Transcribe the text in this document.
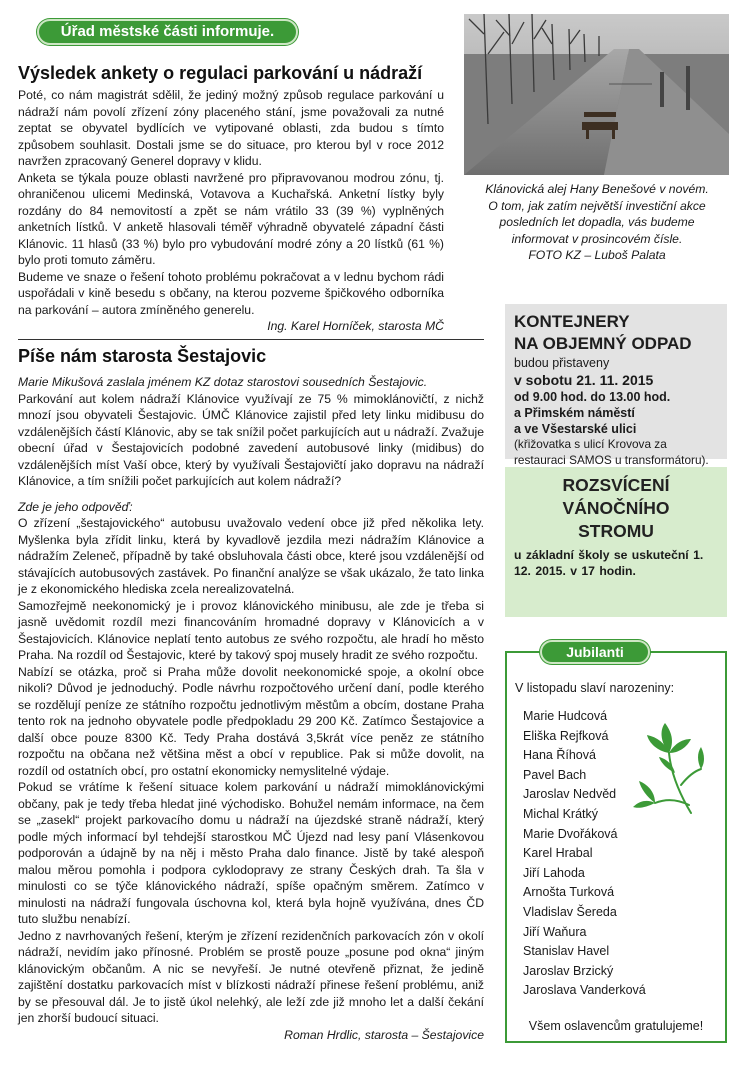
Úřad městské části informuje.
Výsledek ankety o regulaci parkování u nádraží

Poté, co nám magistrát sdělil, že jediný možný způsob regulace parkování u nádraží nám povolí zřízení zóny placeného stání, jsme považovali za nutné zeptat se obyvatel bydlících ve vytipované oblasti, zda budou s tímto způsobem souhlasit. Dostali jsme se do situace, pro kterou byl v roce 2012 navržen zpracovaný Generel dopravy v klidu.

Anketa se týkala pouze oblasti navržené pro připravovanou modrou zónu, tj. ohraničenou ulicemi Medinská, Votavova a Kuchařská. Anketní lístky byly rozdány do 84 nemovitostí a zpět se nám vrátilo 33 (39 %) vyplněných anketních lístků. V anketě hlasovali téměř výhradně obyvatelé západní části Klánovic. 11 hlasů (33 %) bylo pro vybudování modré zóny a 20 lístků (61 %) bylo proti tomuto záměru.

Budeme ve snaze o řešení tohoto problému pokračovat a v lednu bychom rádi uspořádali v kině besedu s občany, na kterou pozveme špičkového odborníka na parkování – autora zmíněného generelu.

Ing. Karel Horníček, starosta MČ

Píše nám starosta Šestajovic

Marie Mikušová zaslala jménem KZ dotaz starostovi sousedních Šestajovic.

Parkování aut kolem nádraží Klánovice využívají ze 75 % mimoklánovičtí, z nichž mnozí jsou obyvateli Šestajovic. ÚMČ Klánovice zajistil před lety linku midibusu do vzdálenějších částí Klánovic, aby se tak snížil počet parkujících aut u nádraží. Zvažuje obecní úřad v Šestajovicích podobné zavedení autobusové linky (midibus) do vzdálenějších míst Vaší obce, který by využívali Šestajovičtí jako dopravu na nádraží Klánovice, a tím snížili počet parkujících aut kolem nádraží?

Zde je jeho odpověď:

O zřízení „šestajovického“ autobusu uvažovalo vedení obce již před několika lety. Myšlenka byla zřídit linku, která by kyvadlově jezdila mezi nádražím Klánovice a nádražím Zeleneč, případně by také obsluhovala části obce, které jsou vzdálenější od stávajících autobusových zastávek. Po finanční analýze se však ukázalo, že tato linka je z ekonomického hlediska zcela nerealizovatelná.

Samozřejmě neekonomický je i provoz klánovického minibusu, ale zde je třeba si jasně uvědomit rozdíl mezi financováním hromadné dopravy v Klánovicích a v Šestajovicích. Klánovice neplatí tento autobus ze svého rozpočtu, ale hradí ho město Praha. Na rozdíl od Šestajovic, které by takový spoj musely hradit ze svého rozpočtu.

Nabízí se otázka, proč si Praha může dovolit neekonomické spoje, a okolní obce nikoli? Důvod je jednoduchý. Podle návrhu rozpočtového určení daní, podle kterého se rozdělují peníze ze státního rozpočtu jednotlivým městům a obcím, dostane Praha tento rok na jednoho obyvatele podle předpokladu 29 200 Kč. Zatímco Šestajovice a další obce pouze 8300 Kč. Tedy Praha dostává 3,5krát více peněz ze státního rozpočtu na občana než většina měst a obcí v republice. Pak si může dovolit, na rozdíl od ostatních obcí, pro ostatní ekonomicky nemyslitelné výdaje.

Pokud se vrátíme k řešení situace kolem parkování u nádraží mimoklánovickými občany, pak je tedy třeba hledat jiné východisko. Bohužel nemám informace, na čem se „zasekl“ projekt parkovacího domu u nádraží na újezdské straně nádraží, který podle mých informací byl tehdejší starostkou MČ Újezd nad lesy paní Vlásenkovou podporován a údajně by na něj i město Praha dalo finance. Jistě by také alespoň malou měrou pomohla i podpora cyklodopravy ze strany Českých drah. Ta šla v minulosti co se týče klánovického nádraží, spíše opačným směrem. Zatímco v minulosti na nádraží fungovala úschovna kol, která byla hojně využívána, dnes ČD tuto službu nenabízí.

Jedno z navrhovaných řešení, kterým je zřízení rezidenčních parkovacích zón v okolí nádraží, nevidím jako přínosné. Problém se prostě pouze „posune pod okna“ jiným klánovickým občanům. A nic se nevyřeší. Je nutné otevřeně přiznat, že jedině zajištění dostatku parkovacích míst v blízkosti nádraží přinese řešení problému, aniž by se přesouval dál. Je to jistě úkol nelehký, ale leží zde již mnoho let a další čekání jen zhorší budoucí situaci.

Roman Hrdlic, starosta – Šestajovice

Klánovická alej Hany Benešové v novém.
O tom, jak zatím největší investiční akce
posledních let dopadla, vás budeme
informovat v prosincovém čísle.
FOTO KZ – Luboš Palata
KONTEJNERY
NA OBJEMNÝ ODPAD
budou přistaveny
v sobotu 21. 11. 2015
od 9.00 hod. do 13.00 hod.
a Přimském náměstí
a ve Všestarské ulici
(křižovatka s ulicí Krovova za restauraci SAMOS u transformátoru).
ROZSVÍCENÍ
VÁNOČNÍHO
STROMU
u základní školy se uskuteční 1. 12. 2015. v 17 hodin.
Jubilanti
V listopadu slaví narozeniny:
Marie Hudcová
Eliška Rejfková
Hana Říhová
Pavel Bach
Jaroslav Nedvěd
Michal Krátký
Marie Dvořáková
Karel Hrabal
Jiří Lahoda
Arnošta Turková
Vladislav Šereda
Jiří Waňura
Stanislav Havel
Jaroslav Brzický
Jaroslava Vanderková
Všem oslavencům gratulujeme!
